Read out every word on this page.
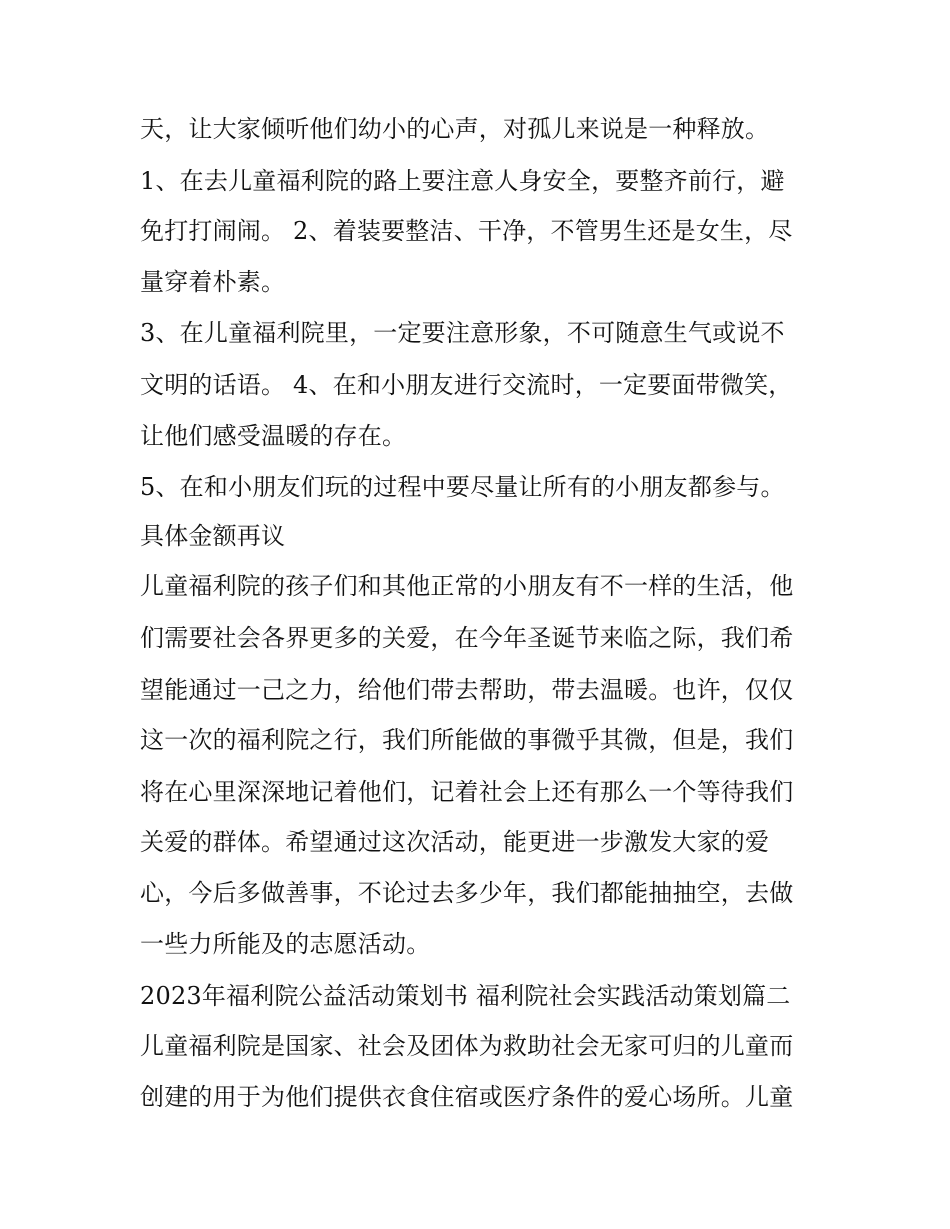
天，让大家倾听他们幼小的心声，对孤儿来说是一种释放。
1、在去儿童福利院的路上要注意人身安全，要整齐前行，避
免打打闹闹。 2、着装要整洁、干净，不管男生还是女生，尽
量穿着朴素。
3、在儿童福利院里，一定要注意形象，不可随意生气或说不
文明的话语。 4、在和小朋友进行交流时，一定要面带微笑，
让他们感受温暖的存在。
5、在和小朋友们玩的过程中要尽量让所有的小朋友都参与。
具体金额再议
儿童福利院的孩子们和其他正常的小朋友有不一样的生活，他
们需要社会各界更多的关爱，在今年圣诞节来临之际，我们希
望能通过一己之力，给他们带去帮助，带去温暖。也许，仅仅
这一次的福利院之行，我们所能做的事微乎其微，但是，我们
将在心里深深地记着他们，记着社会上还有那么一个等待我们
关爱的群体。希望通过这次活动，能更进一步激发大家的爱
心，今后多做善事，不论过去多少年，我们都能抽抽空，去做
一些力所能及的志愿活动。
2023年福利院公益活动策划书 福利院社会实践活动策划篇二
儿童福利院是国家、社会及团体为救助社会无家可归的儿童而
创建的用于为他们提供衣食住宿或医疗条件的爱心场所。儿童
